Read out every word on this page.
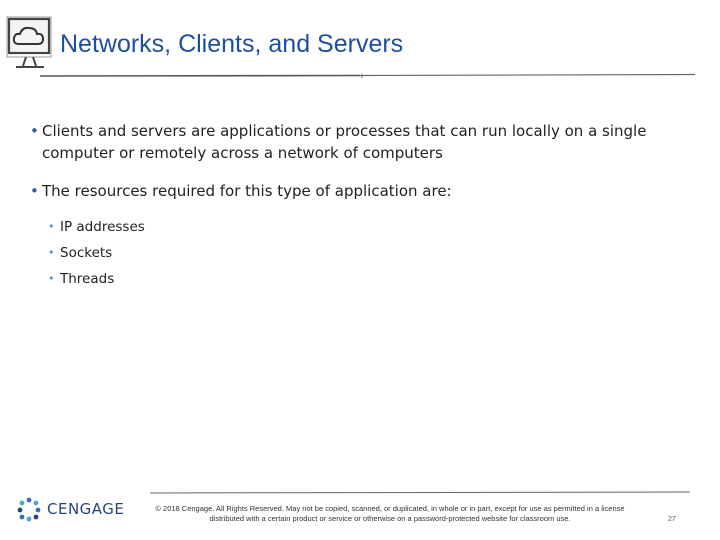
Networks, Clients, and Servers
• Clients and servers are applications or processes that can run locally on a single computer or remotely across a network of computers
• The resources required for this type of application are:
• IP addresses
• Sockets
• Threads
CENGAGE	© 2018 Cengage. All Rights Reserved. May not be copied, scanned, or duplicated, in whole or in part, except for use as permitted in a license distributed with a certain product or service or otherwise on a password-protected website for classroom use.	27
